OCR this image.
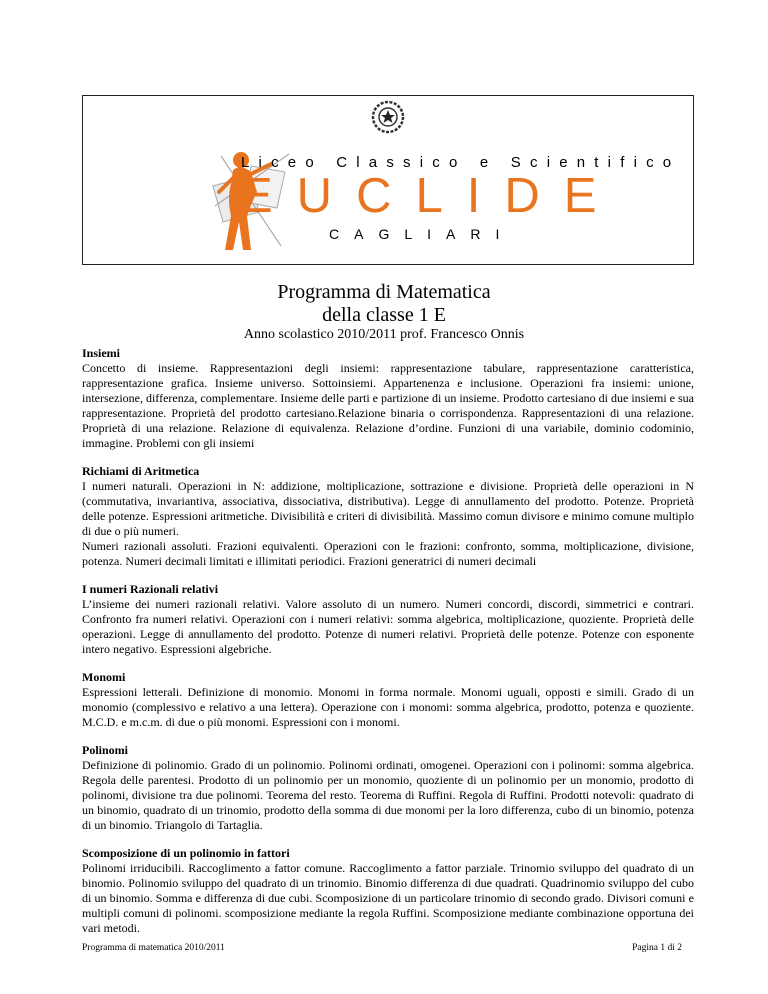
Liceo Classico e Scientifico
EUCLIDE
CAGLIARI
Programma di Matematica
della classe 1 E
Anno scolastico 2010/2011 prof. Francesco Onnis
Insiemi

Concetto di insieme. Rappresentazioni degli insiemi: rappresentazione tabulare, rappresentazione caratteristica, rappresentazione grafica. Insieme universo. Sottoinsiemi. Appartenenza e inclusione. Operazioni fra insiemi: unione, intersezione, differenza, complementare. Insieme delle parti e partizione di un insieme. Prodotto cartesiano di due insiemi e sua rappresentazione. Proprietà del prodotto cartesiano.Relazione binaria o corrispondenza. Rappresentazioni di una relazione. Proprietà di una relazione. Relazione di equivalenza. Relazione d’ordine. Funzioni di una variabile, dominio codominio, immagine. Problemi con gli insiemi

Richiami di Aritmetica

I numeri naturali. Operazioni in N: addizione, moltiplicazione, sottrazione e divisione. Proprietà delle operazioni in N (commutativa, invariantiva, associativa, dissociativa, distributiva). Legge di annullamento del prodotto. Potenze. Proprietà delle potenze. Espressioni aritmetiche. Divisibilità e criteri di divisibilità. Massimo comun divisore e minimo comune multiplo di due o più numeri.

Numeri razionali assoluti. Frazioni equivalenti. Operazioni con le frazioni: confronto, somma, moltiplicazione, divisione, potenza. Numeri decimali limitati e illimitati periodici. Frazioni generatrici di numeri decimali

I numeri Razionali relativi

L’insieme dei numeri razionali relativi. Valore assoluto di un numero. Numeri concordi, discordi, simmetrici e contrari. Confronto fra numeri relativi. Operazioni con i numeri relativi: somma algebrica, moltiplicazione, quoziente. Proprietà delle operazioni. Legge di annullamento del prodotto. Potenze di numeri relativi. Proprietà delle potenze. Potenze con esponente intero negativo. Espressioni algebriche.

Monomi

Espressioni letterali. Definizione di monomio. Monomi in forma normale. Monomi uguali, opposti e simili. Grado di un monomio (complessivo e relativo a una lettera). Operazione con i monomi: somma algebrica, prodotto, potenza e quoziente. M.C.D. e m.c.m. di due o più monomi. Espressioni con i monomi.

Polinomi

Definizione di polinomio. Grado di un polinomio. Polinomi ordinati, omogenei. Operazioni con i polinomi: somma algebrica. Regola delle parentesi. Prodotto di un polinomio per un monomio, quoziente di un polinomio per un monomio, prodotto di polinomi, divisione tra due polinomi. Teorema del resto. Teorema di Ruffini. Regola di Ruffini. Prodotti notevoli: quadrato di un binomio, quadrato di un trinomio, prodotto della somma di due monomi per la loro differenza, cubo di un binomio, potenza di un binomio. Triangolo di Tartaglia.

Scomposizione di un polinomio in fattori

Polinomi irriducibili. Raccoglimento a fattor comune. Raccoglimento a fattor parziale. Trinomio sviluppo del quadrato di un binomio. Polinomio sviluppo del quadrato di un trinomio. Binomio differenza di due quadrati. Quadrinomio sviluppo del cubo di un binomio. Somma e differenza di due cubi. Scomposizione di un particolare trinomio di secondo grado. Divisori comuni e multipli comuni di polinomi. scomposizione mediante la regola Ruffini. Scomposizione mediante combinazione opportuna dei vari metodi.

Programma di matematica 2010/2011	Pagina 1 di 2
